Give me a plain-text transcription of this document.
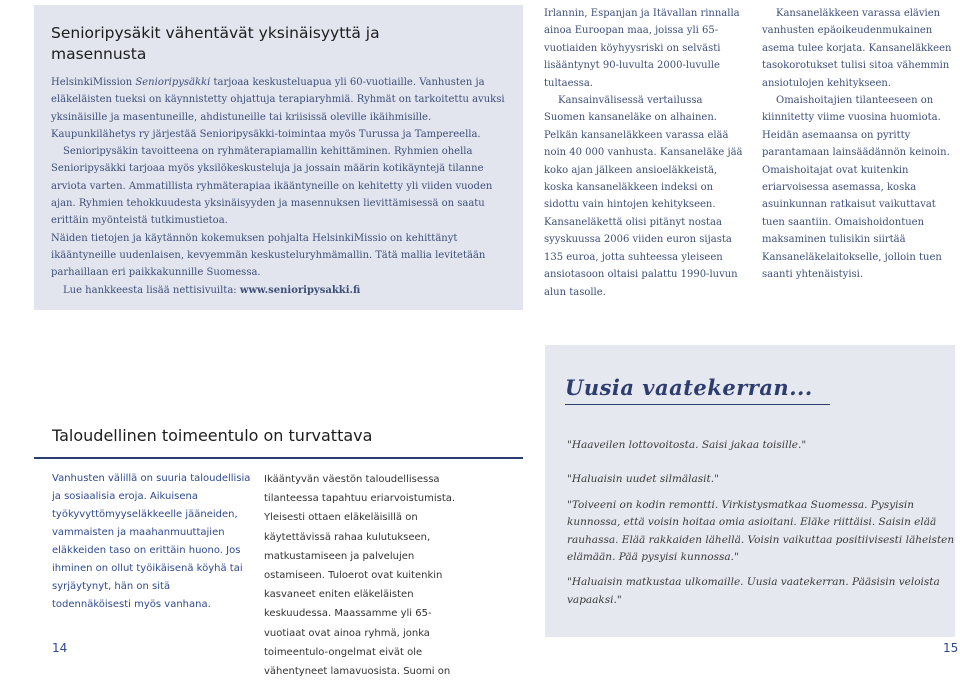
Senioripysäkit vähentävät yksinäisyyttä ja masennusta

HelsinkiMission Senioripysäkki tarjoaa keskusteluapua yli 60-vuotiaille. Vanhusten ja eläkeläisten tueksi on käynnistetty ohjattuja terapiaryhmiä. Ryhmät on tarkoitettu avuksi yksinäisille ja masentuneille, ahdistuneille tai kriisissä oleville ikäihmisille. Kaupunkilähetys ry järjestää Senioripysäkki-toimintaa myös Turussa ja Tampereella.

Senioripysäkin tavoitteena on ryhmäterapiamallin kehittäminen. Ryhmien ohella Senioripysäkki tarjoaa myös yksilökeskusteluja ja jossain määrin kotikäyntejä tilanne arviota varten. Ammatillista ryhmäterapiaa ikääntyneille on kehitetty yli viiden vuoden ajan. Ryhmien tehokkuudesta yksinäisyyden ja masennuksen lievittämisessä on saatu erittäin myönteistä tutkimustietoa.

Näiden tietojen ja käytännön kokemuksen pohjalta HelsinkiMissio on kehittänyt ikääntyneille uudenlaisen, kevyemmän keskusteluryhmämallin. Tätä mallia levitetään parhaillaan eri paikkakunnille Suomessa.

Lue hankkeesta lisää nettisivuilta: www.senioripysakki.fi

Irlannin, Espanjan ja Itävallan rinnalla ainoa Euroopan maa, joissa yli 65-vuotiaiden köyhyysriski on selvästi lisääntynyt 90-luvulta 2000-luvulle tultaessa.

Kansainvälisessä vertailussa Suomen kansaneläke on alhainen. Pelkän kansaneläkkeen varassa elää noin 40 000 vanhusta. Kansaneläke jää koko ajan jälkeen ansioeläkkeistä, koska kansaneläkkeen indeksi on sidottu vain hintojen kehitykseen. Kansaneläkettä olisi pitänyt nostaa syyskuussa 2006 viiden euron sijasta 135 euroa, jotta suhteessa yleiseen ansiotasoon oltaisi palattu 1990-luvun alun tasolle.

Kansaneläkkeen varassa elävien vanhusten epäoikeudenmukainen asema tulee korjata. Kansaneläkkeen tasokorotukset tulisi sitoa vähemmin ansiotulojen kehitykseen.

Omaishoitajien tilanteeseen on kiinnitetty viime vuosina huomiota. Heidän asemaansa on pyritty parantamaan lainsäädännön keinoin. Omaishoitajat ovat kuitenkin eriarvoisessa asemassa, koska asuinkunnan ratkaisut vaikuttavat tuen saantiin. Omaishoidontuen maksaminen tulisikin siirtää Kansaneläkelaitokselle, jolloin tuen saanti yhtenäistyisi.

Taloudellinen toimeentulo on turvattava
Vanhusten välillä on suuria taloudellisia ja sosiaalisia eroja. Aikuisena työkyvyttömyyseläkkeelle jääneiden, vammaisten ja maahanmuuttajien eläkkeiden taso on erittäin huono. Jos ihminen on ollut työikäisenä köyhä tai syrjäytynyt, hän on sitä todennäköisesti myös vanhana.
Ikääntyvän väestön taloudellisessa tilanteessa tapahtuu eriarvoistumista. Yleisesti ottaen eläkeläisillä on käytettävissä rahaa kulutukseen, matkustamiseen ja palvelujen ostamiseen. Tuloerot ovat kuitenkin kasvaneet eniten eläkeläisten keskuudessa. Maassamme yli 65-vuotiaat ovat ainoa ryhmä, jonka toimeentulo-ongelmat eivät ole vähentyneet lamavuosista. Suomi on
Uusia vaatekerran...

"Haaveilen lottovoitosta. Saisi jakaa toisille."

"Haluaisin uudet silmälasit."

"Toiveeni on kodin remontti. Virkistysmatkaa Suomessa. Pysyisin kunnossa, että voisin hoitaa omia asioitani. Eläke riittäisi. Saisin elää rauhassa. Elää rakkaiden lähellä. Voisin vaikuttaa positiivisesti läheisten elämään. Pää pysyisi kunnossa."

"Haluaisin matkustaa ulkomaille. Uusia vaatekerran. Pääsisin veloista vapaaksi."

14	15
